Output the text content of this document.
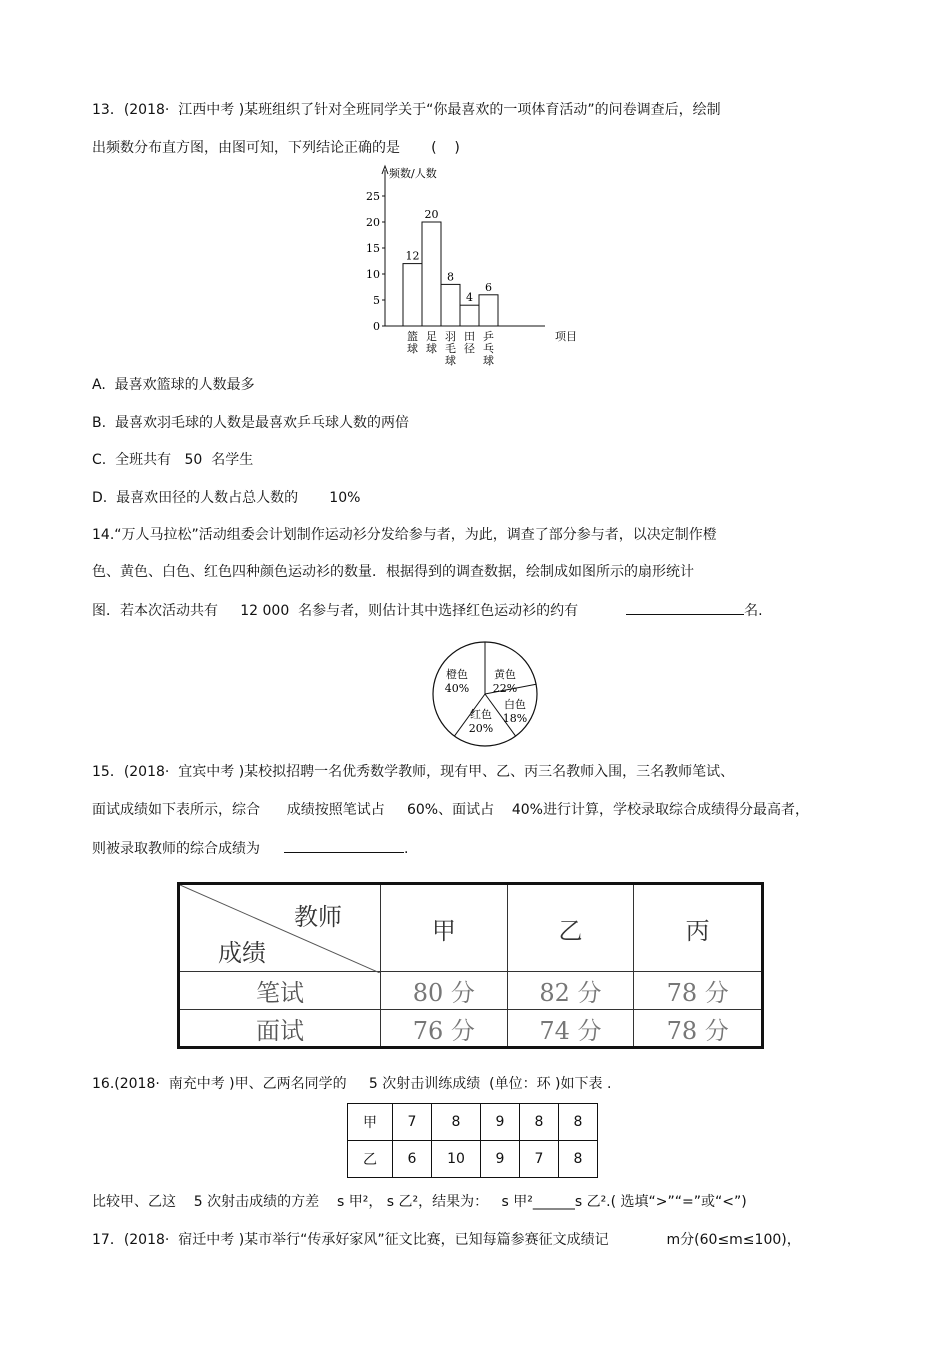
13．(2018·  江西中考 )某班组织了针对全班同学关于“你最喜欢的一项体育活动”的问卷调查后，绘制
出频数分布直方图，由图可知，下列结论正确的是       (    )
频数/人数
项目
0
5
10
15
20
25
12
篮
球
20
足
球
8
羽
毛
球
4
田
径
6
乒
乓
球
A.  最喜欢篮球的人数最多
B.  最喜欢羽毛球的人数是最喜欢乒乓球人数的两倍
C.  全班共有   50  名学生
D.  最喜欢田径的人数占总人数的       10%
14.“万人马拉松”活动组委会计划制作运动衫分发给参与者，为此，调查了部分参与者，以决定制作橙
色、黄色、白色、红色四种颜色运动衫的数量．根据得到的调查数据，绘制成如图所示的扇形统计
图．若本次活动共有     12 000  名参与者，则估计其中选择红色运动衫的约有	名.
橙色
40%
黄色
22%
白色
18%
红色
20%
15．(2018·  宜宾中考 )某校拟招聘一名优秀数学教师，现有甲、乙、丙三名教师入围，三名教师笔试、
面试成绩如下表所示，综合      成绩按照笔试占     60%、面试占    40%进行计算，学校录取综合成绩得分最高者，
则被录取教师的综合成绩为	.
教师
成绩	甲	乙	丙
笔试	80 分	82 分	78 分
面试	76 分	74 分	78 分
16.(2018·  南充中考 )甲、乙两名同学的     5 次射击训练成绩  (单位：环 )如下表 .
甲	7	8	9	8	8
乙	6	10	9	7	8
比较甲、乙这    5 次射击成绩的方差    s 甲²， s 乙²，结果为：   s 甲²______s 乙².( 选填“>”“=”或“<”)
17．(2018·  宿迁中考 )某市举行“传承好家风”征文比赛，已知每篇参赛征文成绩记             m分(60≤m≤100)，
